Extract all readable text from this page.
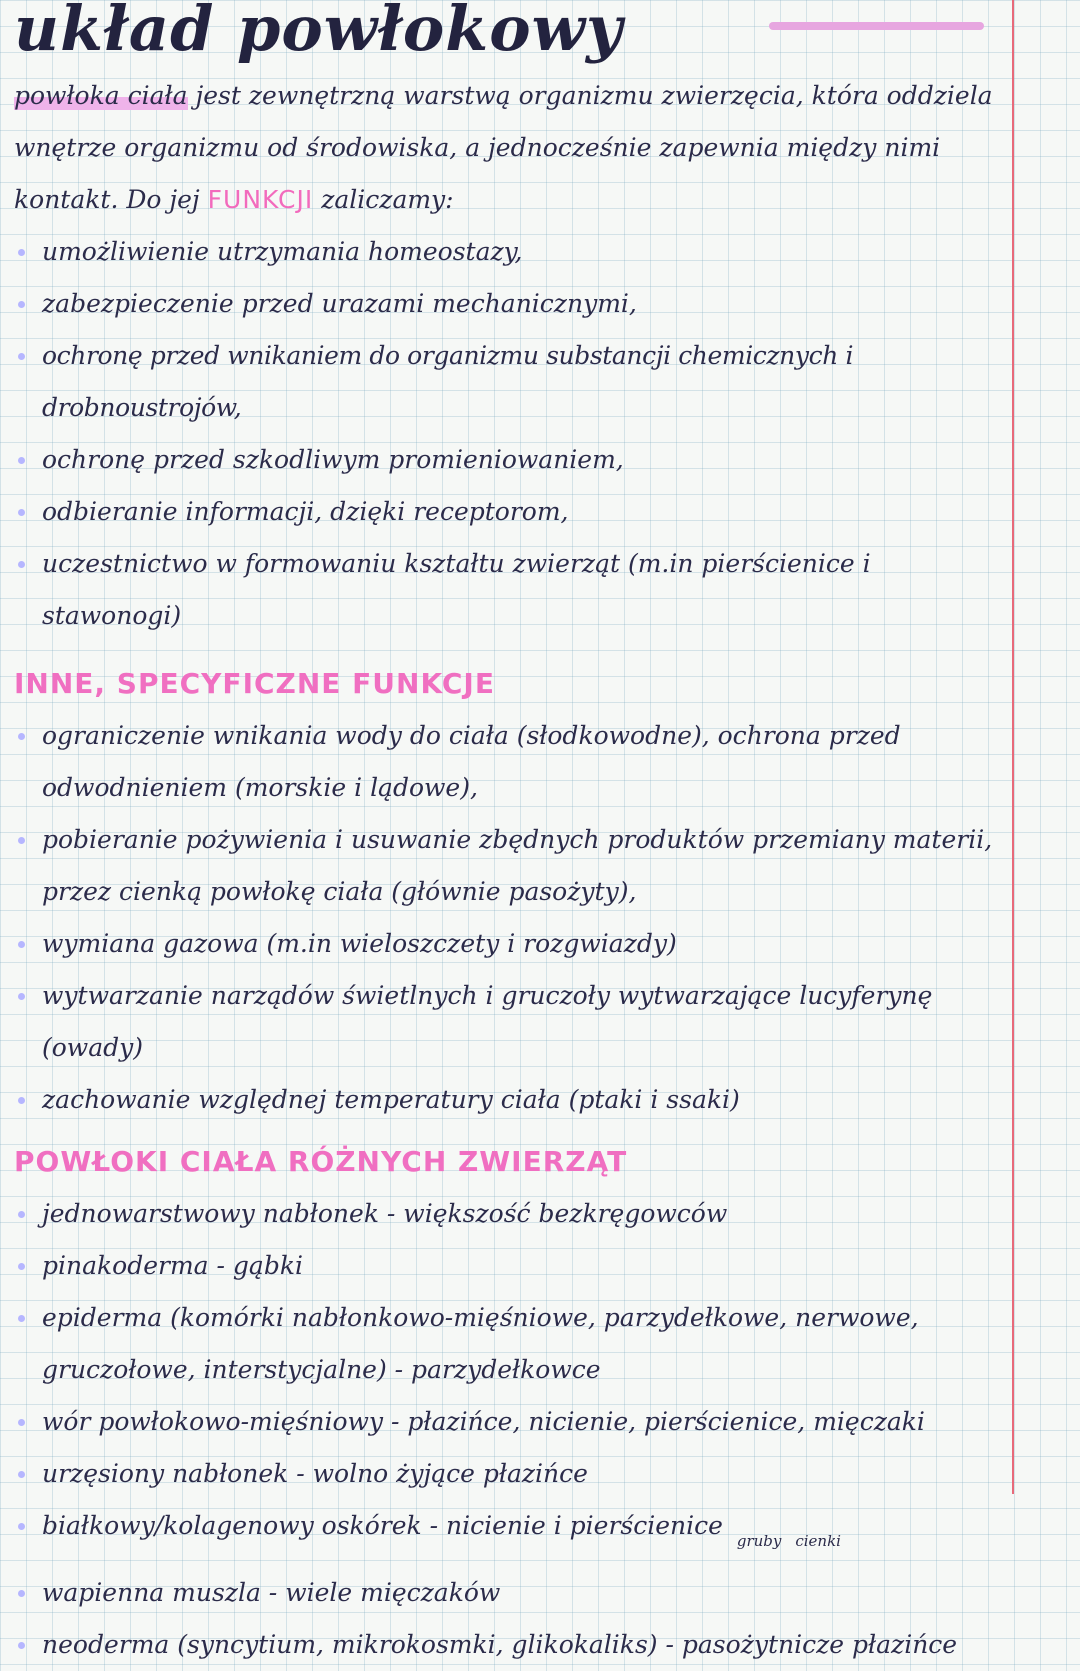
układ powłokowy

powłoka ciała jest zewnętrzną warstwą organizmu zwierzęcia, która oddziela wnętrze organizmu od środowiska, a jednocześnie zapewnia między nimi kontakt. Do jej FUNKCJI zaliczamy:

umożliwienie utrzymania homeostazy,
zabezpieczenie przed urazami mechanicznymi,
ochronę przed wnikaniem do organizmu substancji chemicznych i drobnoustrojów,
ochronę przed szkodliwym promieniowaniem,
odbieranie informacji, dzięki receptorom,
uczestnictwo w formowaniu kształtu zwierząt (m.in pierścienice i stawonogi)
INNE, SPECYFICZNE FUNKCJE
ograniczenie wnikania wody do ciała (słodkowodne), ochrona przed odwodnieniem (morskie i lądowe),
pobieranie pożywienia i usuwanie zbędnych produktów przemiany materii, przez cienką powłokę ciała (głównie pasożyty),
wymiana gazowa (m.in wieloszczety i rozgwiazdy)
wytwarzanie narządów świetlnych i gruczoły wytwarzające lucyferynę (owady)
zachowanie względnej temperatury ciała (ptaki i ssaki)
POWŁOKI CIAŁA RÓŻNYCH ZWIERZĄT
jednowarstwowy nabłonek - większość bezkręgowców
pinakoderma - gąbki
epiderma (komórki nabłonkowo-mięśniowe, parzydełkowe, nerwowe, gruczołowe, interstycjalne) - parzydełkowce
wór powłokowo-mięśniowy - płazińce, nicienie, pierścienice, mięczaki
urzęsiony nabłonek - wolno żyjące płazińce
białkowy/kolagenowy oskórek - nicienie i pierścienice $_{gruby}$ $_{cienki}$
wapienna muszla - wiele mięczaków
neoderma (syncytium, mikrokosmki, glikokaliks) - pasożytnicze płazińce
